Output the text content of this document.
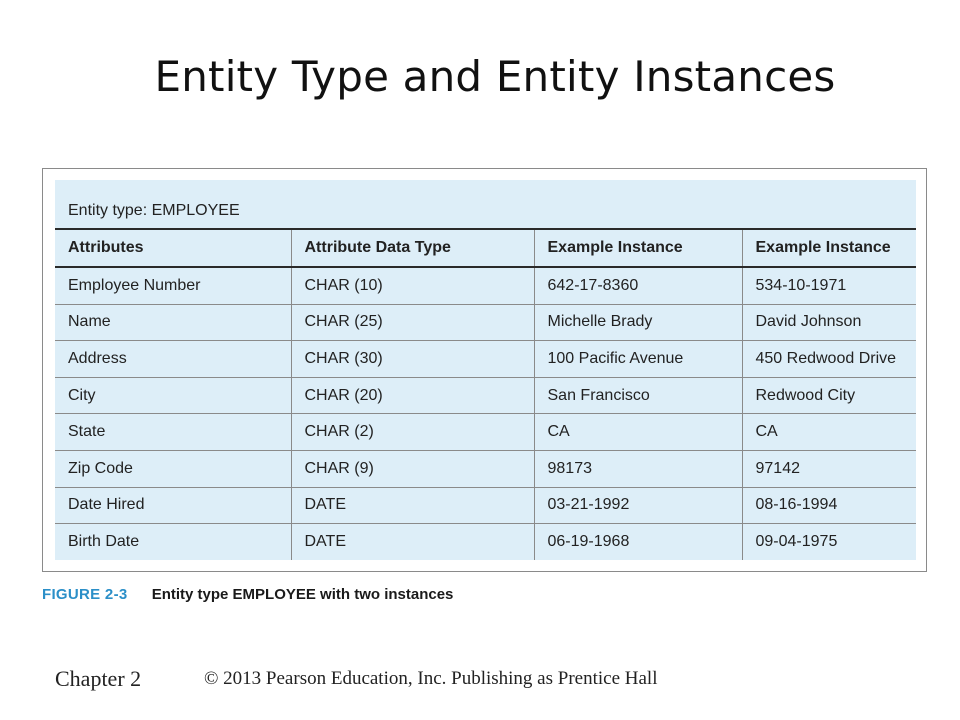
Entity Type and Entity Instances
Entity type: EMPLOYEE
Attributes	Attribute Data Type	Example Instance	Example Instance
Employee Number	CHAR (10)	642-17-8360	534-10-1971
Name	CHAR (25)	Michelle Brady	David Johnson
Address	CHAR (30)	100 Pacific Avenue	450 Redwood Drive
City	CHAR (20)	San Francisco	Redwood City
State	CHAR (2)	CA	CA
Zip Code	CHAR (9)	98173	97142
Date Hired	DATE	03-21-1992	08-16-1994
Birth Date	DATE	06-19-1968	09-04-1975
FIGURE 2-3 Entity type EMPLOYEE with two instances
Chapter 2	© 2013 Pearson Education, Inc. Publishing as Prentice Hall
